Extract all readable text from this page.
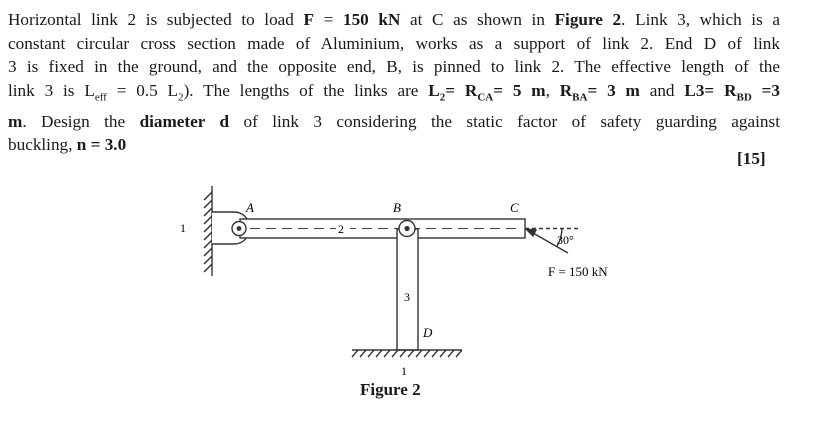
Horizontal link 2 is subjected to load F = 150 kN at C as shown in Figure 2. Link 3, which is a
constant circular cross section made of Aluminium, works as a support of link 2. End D of link
3 is fixed in the ground, and the opposite end, B, is pinned to link 2. The effective length of the
link 3 is $L_{eff} = 0.5$ $L_2$). The lengths of the links are $L_2= R_{CA}= 5$ m, $R_{BA}= 3$ m and $L3= R_{BD} =3$
m. Design the diameter d of link 3 considering the static factor of safety guarding against
buckling, n = 3.0
[15]
1	2
3
1
A	B	C
D
30°
F = 150 kN
Figure 2
